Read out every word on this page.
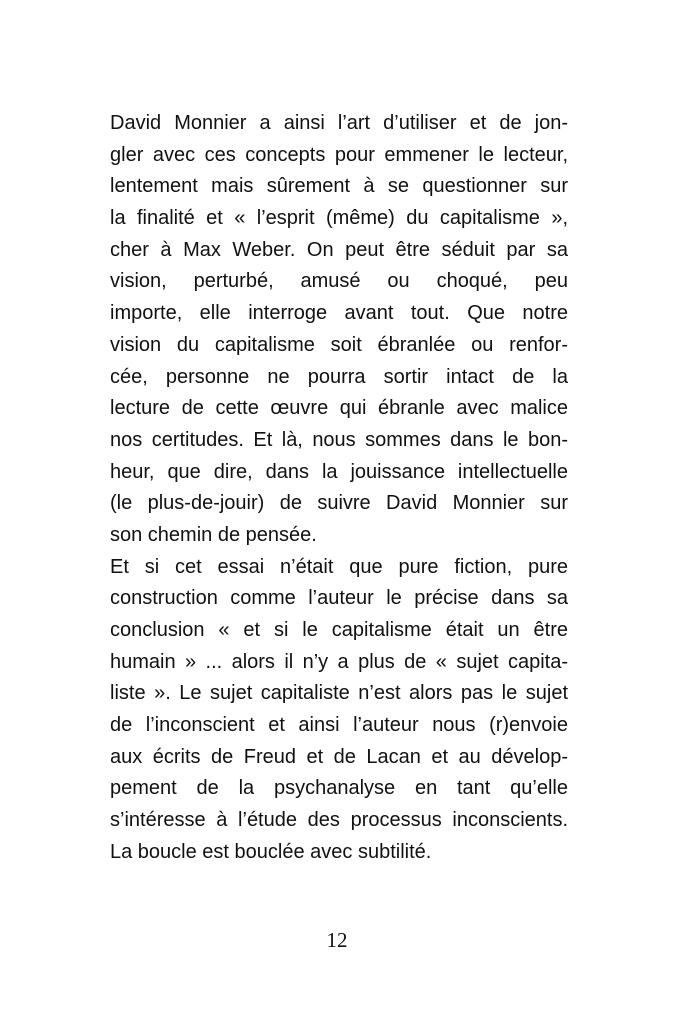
David Monnier a ainsi l’art d’utiliser et de jon-
gler avec ces concepts pour emmener le lecteur,
lentement mais sûrement à se questionner sur
la finalité et « l’esprit (même) du capitalisme »,
cher à Max Weber. On peut être séduit par sa
vision, perturbé, amusé ou choqué, peu
importe, elle interroge avant tout. Que notre
vision du capitalisme soit ébranlée ou renfor-
cée, personne ne pourra sortir intact de la
lecture de cette œuvre qui ébranle avec malice
nos certitudes. Et là, nous sommes dans le bon-
heur, que dire, dans la jouissance intellectuelle
(le plus-de-jouir) de suivre David Monnier sur
son chemin de pensée.
Et si cet essai n’était que pure fiction, pure
construction comme l’auteur le précise dans sa
conclusion « et si le capitalisme était un être
humain » ... alors il n’y a plus de « sujet capita-
liste ». Le sujet capitaliste n’est alors pas le sujet
de l’inconscient et ainsi l’auteur nous (r)envoie
aux écrits de Freud et de Lacan et au dévelop-
pement de la psychanalyse en tant qu’elle
s’intéresse à l’étude des processus inconscients.
La boucle est bouclée avec subtilité.
12
